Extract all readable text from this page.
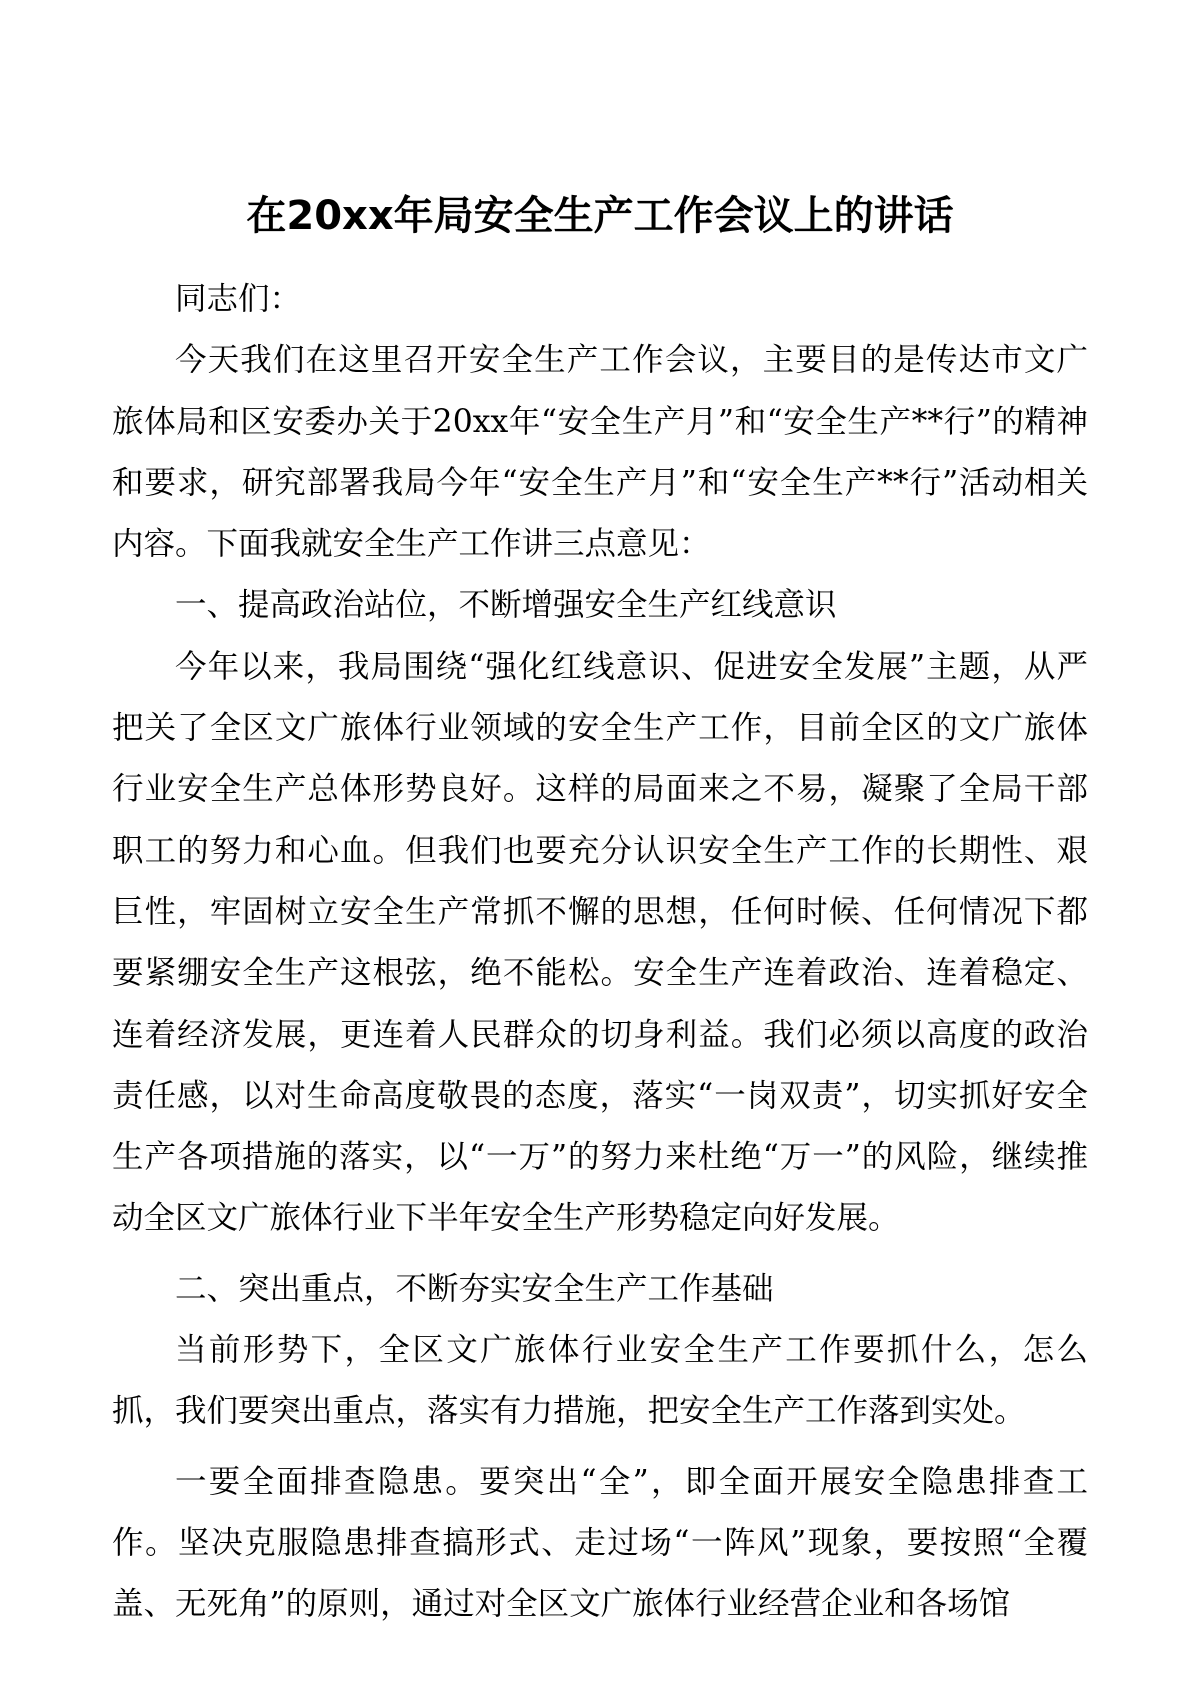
在20xx年局安全生产工作会议上的讲话

同志们：

今天我们在这里召开安全生产工作会议，主要目的是传达市文广旅体局和区安委办关于20xx年“安全生产月”和“安全生产**行”的精神和要求，研究部署我局今年“安全生产月”和“安全生产**行”活动相关内容。下面我就安全生产工作讲三点意见：

一、提高政治站位，不断增强安全生产红线意识

今年以来，我局围绕“强化红线意识、促进安全发展”主题，从严把关了全区文广旅体行业领域的安全生产工作，目前全区的文广旅体行业安全生产总体形势良好。这样的局面来之不易，凝聚了全局干部职工的努力和心血。但我们也要充分认识安全生产工作的长期性、艰巨性，牢固树立安全生产常抓不懈的思想，任何时候、任何情况下都要紧绷安全生产这根弦，绝不能松。安全生产连着政治、连着稳定、连着经济发展，更连着人民群众的切身利益。我们必须以高度的政治责任感，以对生命高度敬畏的态度，落实“一岗双责”，切实抓好安全生产各项措施的落实，以“一万”的努力来杜绝“万一”的风险，继续推动全区文广旅体行业下半年安全生产形势稳定向好发展。

二、突出重点，不断夯实安全生产工作基础

当前形势下，全区文广旅体行业安全生产工作要抓什么，怎么抓，我们要突出重点，落实有力措施，把安全生产工作落到实处。

一要全面排查隐患。要突出“全”，即全面开展安全隐患排查工作。坚决克服隐患排查搞形式、走过场“一阵风”现象，要按照“全覆盖、无死角”的原则，通过对全区文广旅体行业经营企业和各场馆
